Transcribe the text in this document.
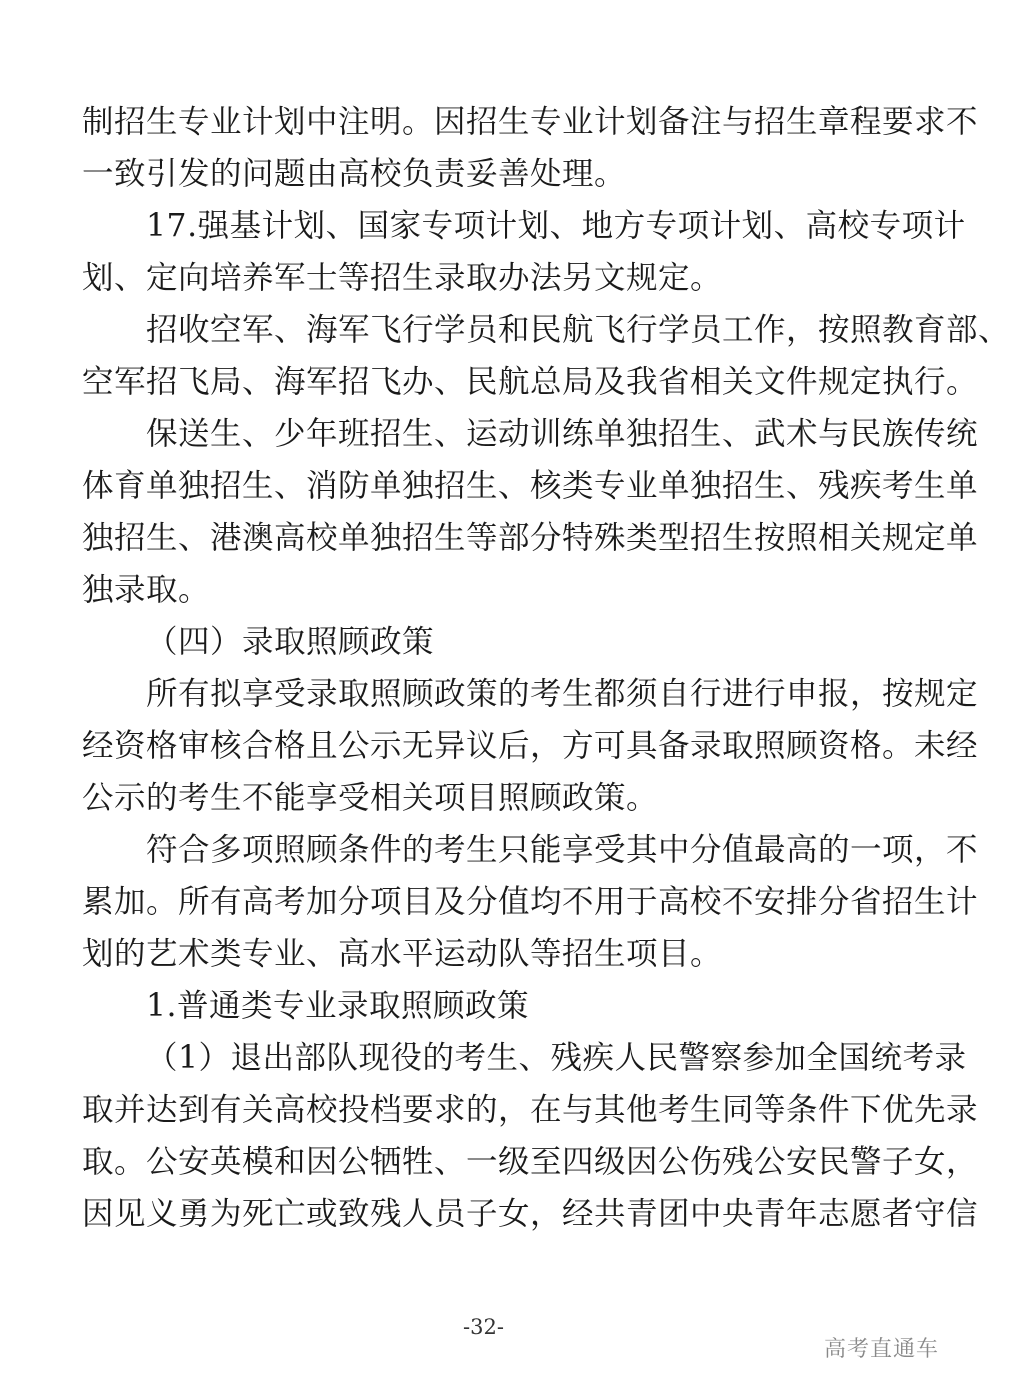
制招生专业计划中注明。因招生专业计划备注与招生章程要求不
一致引发的问题由高校负责妥善处理。
17.强基计划、国家专项计划、地方专项计划、高校专项计
划、定向培养军士等招生录取办法另文规定。
招收空军、海军飞行学员和民航飞行学员工作，按照教育部、
空军招飞局、海军招飞办、民航总局及我省相关文件规定执行。
保送生、少年班招生、运动训练单独招生、武术与民族传统
体育单独招生、消防单独招生、核类专业单独招生、残疾考生单
独招生、港澳高校单独招生等部分特殊类型招生按照相关规定单
独录取。
（四）录取照顾政策
所有拟享受录取照顾政策的考生都须自行进行申报，按规定
经资格审核合格且公示无异议后，方可具备录取照顾资格。未经
公示的考生不能享受相关项目照顾政策。
符合多项照顾条件的考生只能享受其中分值最高的一项，不
累加。所有高考加分项目及分值均不用于高校不安排分省招生计
划的艺术类专业、高水平运动队等招生项目。
1.普通类专业录取照顾政策
（1）退出部队现役的考生、残疾人民警察参加全国统考录
取并达到有关高校投档要求的，在与其他考生同等条件下优先录
取。公安英模和因公牺牲、一级至四级因公伤残公安民警子女，
因见义勇为死亡或致残人员子女，经共青团中央青年志愿者守信
-32-
高考直通车
